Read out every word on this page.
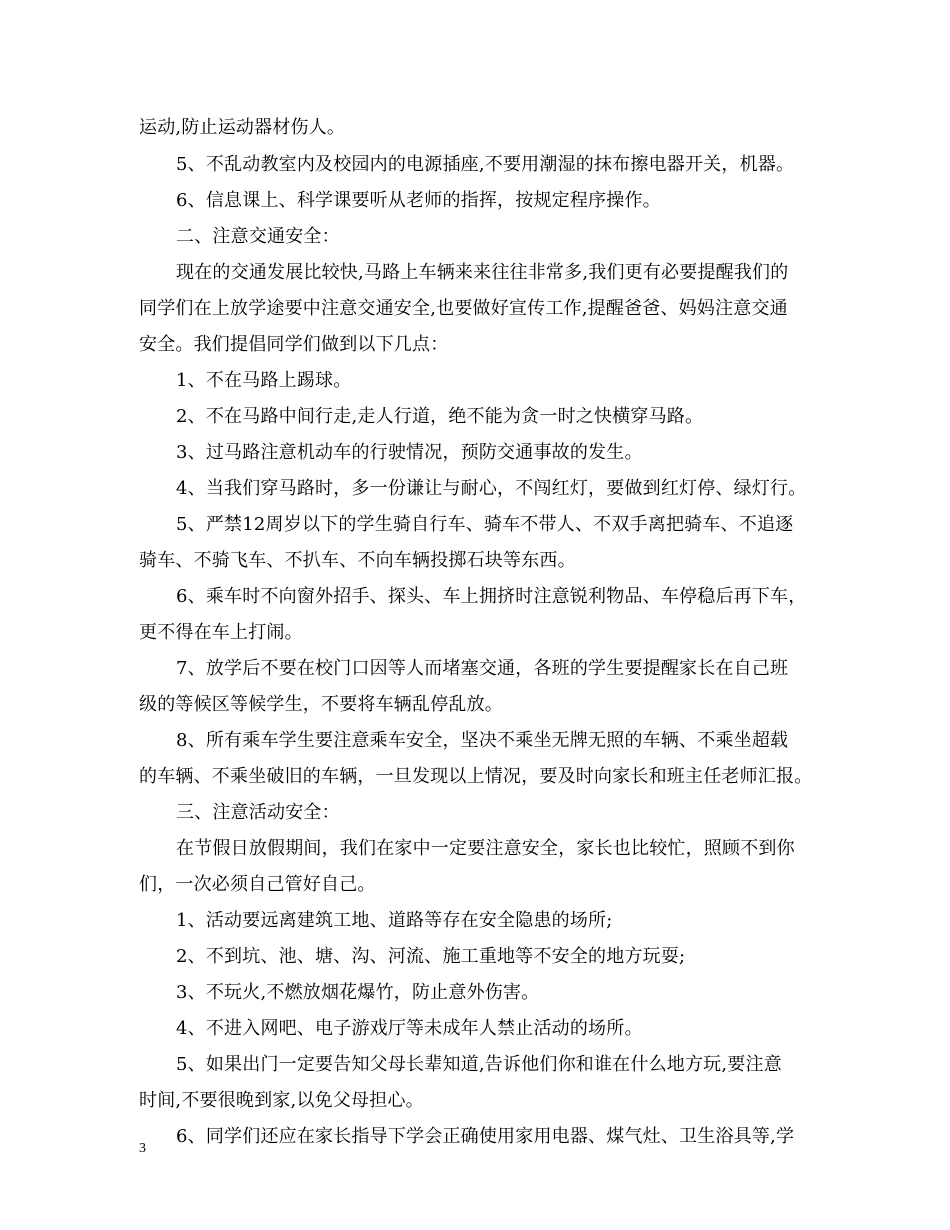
运动,防止运动器材伤人。
5、不乱动教室内及校园内的电源插座,不要用潮湿的抹布擦电器开关，机器。
6、信息课上、科学课要听从老师的指挥，按规定程序操作。
二、注意交通安全：
现在的交通发展比较快,马路上车辆来来往往非常多,我们更有必要提醒我们的
同学们在上放学途要中注意交通安全,也要做好宣传工作,提醒爸爸、妈妈注意交通
安全。我们提倡同学们做到以下几点：
1、不在马路上踢球。
2、不在马路中间行走,走人行道，绝不能为贪一时之快横穿马路。
3、过马路注意机动车的行驶情况，预防交通事故的发生。
4、当我们穿马路时，多一份谦让与耐心，不闯红灯，要做到红灯停、绿灯行。
5、严禁12周岁以下的学生骑自行车、骑车不带人、不双手离把骑车、不追逐
骑车、不骑飞车、不扒车、不向车辆投掷石块等东西。
6、乘车时不向窗外招手、探头、车上拥挤时注意锐利物品、车停稳后再下车，
更不得在车上打闹。
7、放学后不要在校门口因等人而堵塞交通，各班的学生要提醒家长在自己班
级的等候区等候学生，不要将车辆乱停乱放。
8、所有乘车学生要注意乘车安全，坚决不乘坐无牌无照的车辆、不乘坐超载
的车辆、不乘坐破旧的车辆，一旦发现以上情况，要及时向家长和班主任老师汇报。
三、注意活动安全：
在节假日放假期间，我们在家中一定要注意安全，家长也比较忙，照顾不到你
们，一次必须自己管好自己。
1、活动要远离建筑工地、道路等存在安全隐患的场所;
2、不到坑、池、塘、沟、河流、施工重地等不安全的地方玩耍;
3、不玩火,不燃放烟花爆竹，防止意外伤害。
4、不进入网吧、电子游戏厅等未成年人禁止活动的场所。
5、如果出门一定要告知父母长辈知道,告诉他们你和谁在什么地方玩,要注意
时间,不要很晚到家,以免父母担心。
6、同学们还应在家长指导下学会正确使用家用电器、煤气灶、卫生浴具等,学
3
